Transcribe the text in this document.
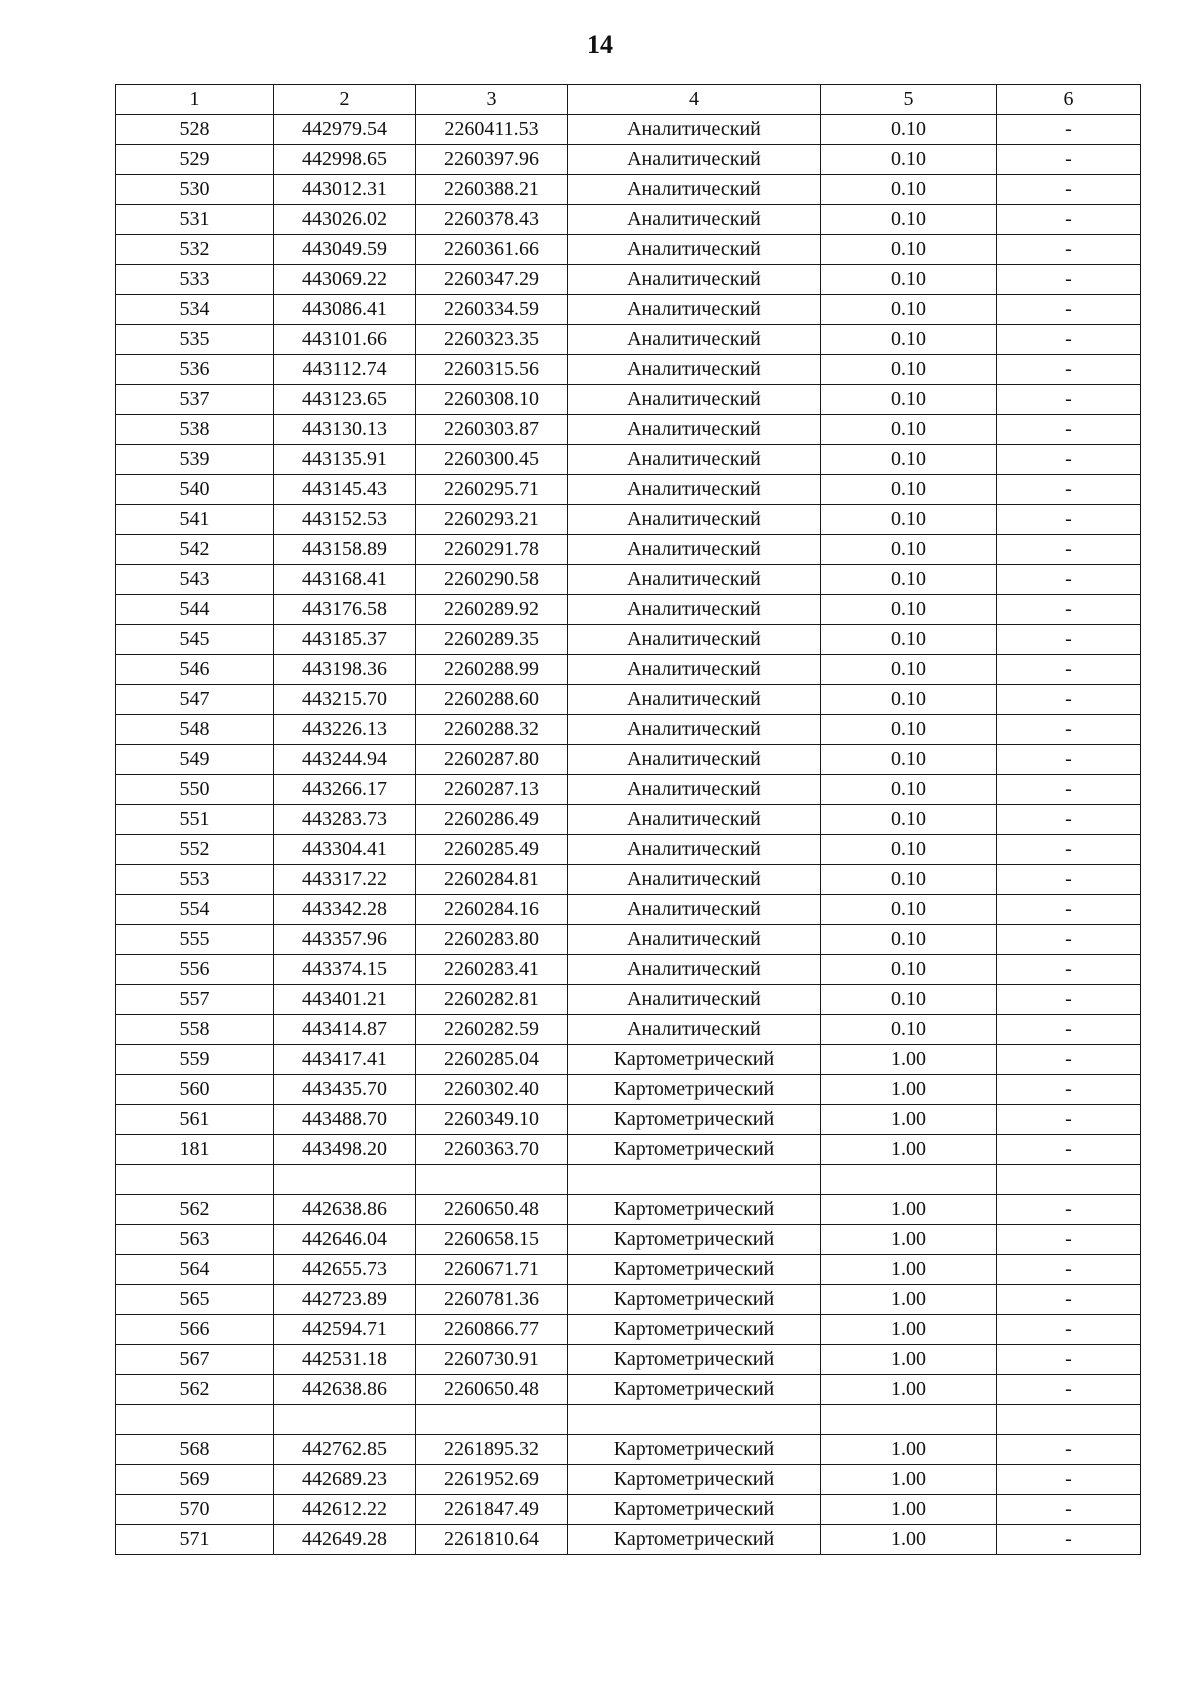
14
1	2	3	4	5	6
528	442979.54	2260411.53	Аналитический	0.10	-
529	442998.65	2260397.96	Аналитический	0.10	-
530	443012.31	2260388.21	Аналитический	0.10	-
531	443026.02	2260378.43	Аналитический	0.10	-
532	443049.59	2260361.66	Аналитический	0.10	-
533	443069.22	2260347.29	Аналитический	0.10	-
534	443086.41	2260334.59	Аналитический	0.10	-
535	443101.66	2260323.35	Аналитический	0.10	-
536	443112.74	2260315.56	Аналитический	0.10	-
537	443123.65	2260308.10	Аналитический	0.10	-
538	443130.13	2260303.87	Аналитический	0.10	-
539	443135.91	2260300.45	Аналитический	0.10	-
540	443145.43	2260295.71	Аналитический	0.10	-
541	443152.53	2260293.21	Аналитический	0.10	-
542	443158.89	2260291.78	Аналитический	0.10	-
543	443168.41	2260290.58	Аналитический	0.10	-
544	443176.58	2260289.92	Аналитический	0.10	-
545	443185.37	2260289.35	Аналитический	0.10	-
546	443198.36	2260288.99	Аналитический	0.10	-
547	443215.70	2260288.60	Аналитический	0.10	-
548	443226.13	2260288.32	Аналитический	0.10	-
549	443244.94	2260287.80	Аналитический	0.10	-
550	443266.17	2260287.13	Аналитический	0.10	-
551	443283.73	2260286.49	Аналитический	0.10	-
552	443304.41	2260285.49	Аналитический	0.10	-
553	443317.22	2260284.81	Аналитический	0.10	-
554	443342.28	2260284.16	Аналитический	0.10	-
555	443357.96	2260283.80	Аналитический	0.10	-
556	443374.15	2260283.41	Аналитический	0.10	-
557	443401.21	2260282.81	Аналитический	0.10	-
558	443414.87	2260282.59	Аналитический	0.10	-
559	443417.41	2260285.04	Картометрический	1.00	-
560	443435.70	2260302.40	Картометрический	1.00	-
561	443488.70	2260349.10	Картометрический	1.00	-
181	443498.20	2260363.70	Картометрический	1.00	-

562	442638.86	2260650.48	Картометрический	1.00	-
563	442646.04	2260658.15	Картометрический	1.00	-
564	442655.73	2260671.71	Картометрический	1.00	-
565	442723.89	2260781.36	Картометрический	1.00	-
566	442594.71	2260866.77	Картометрический	1.00	-
567	442531.18	2260730.91	Картометрический	1.00	-
562	442638.86	2260650.48	Картометрический	1.00	-

568	442762.85	2261895.32	Картометрический	1.00	-
569	442689.23	2261952.69	Картометрический	1.00	-
570	442612.22	2261847.49	Картометрический	1.00	-
571	442649.28	2261810.64	Картометрический	1.00	-
